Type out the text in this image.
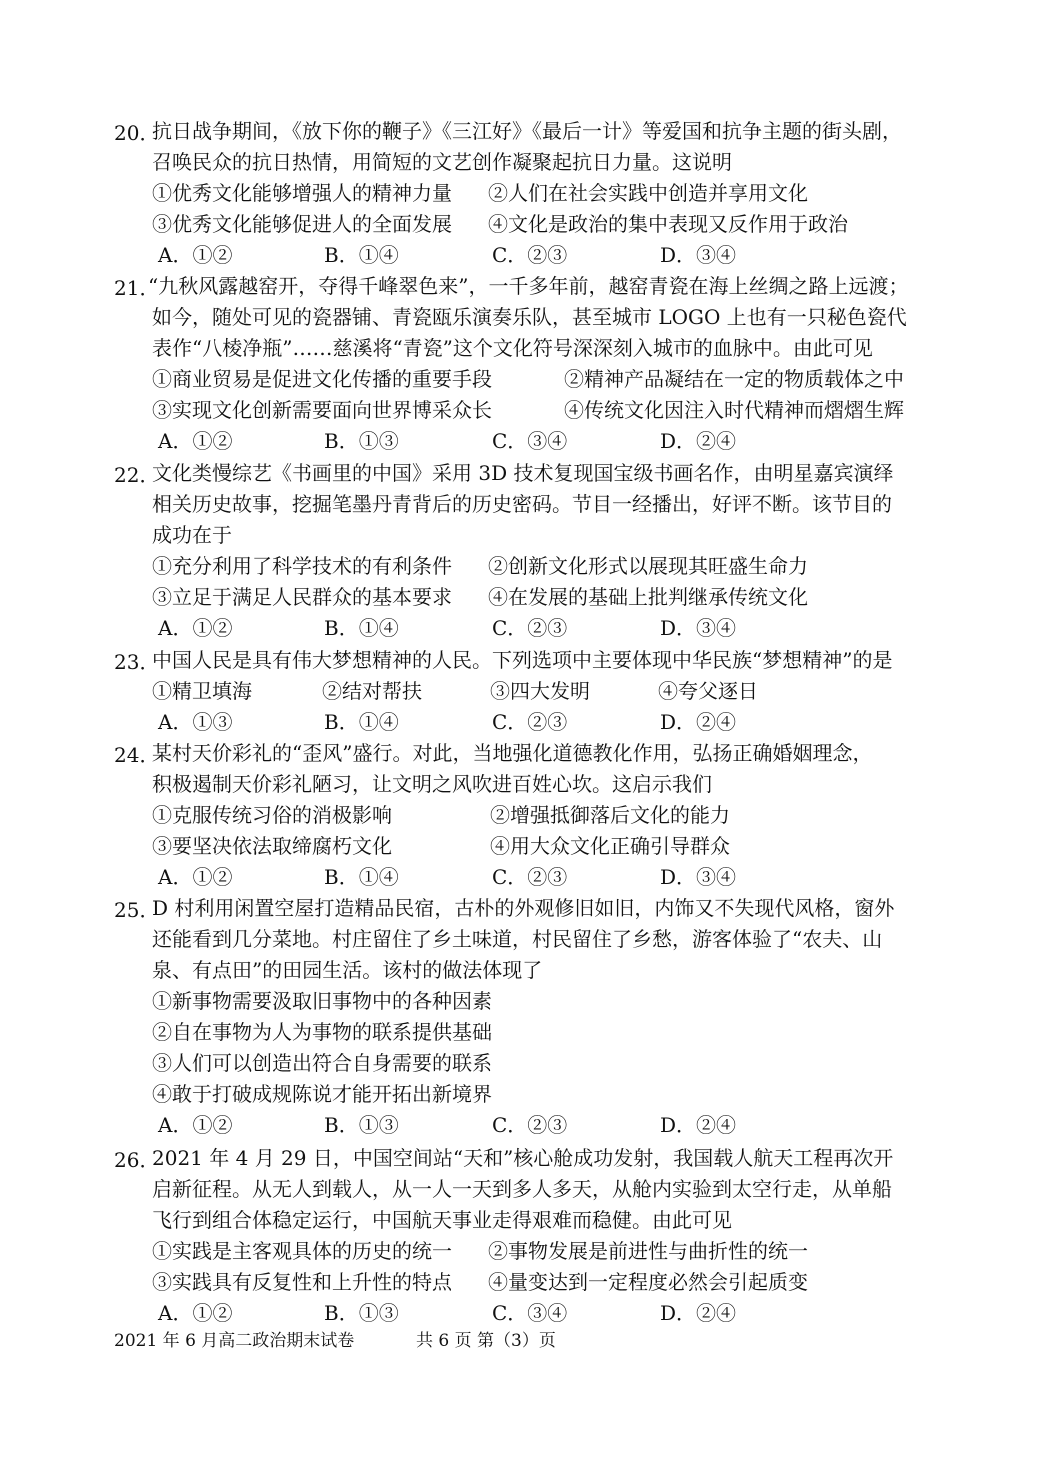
20．
抗日战争期间，《放下你的鞭子》《三江好》《最后一计》等爱国和抗争主题的街头剧，
召唤民众的抗日热情，用简短的文艺创作凝聚起抗日力量。这说明
①优秀文化能够增强人的精神力量 ②人们在社会实践中创造并享用文化
③优秀文化能够促进人的全面发展 ④文化是政治的集中表现又反作用于政治
A．①②	B．①④	C．②③	D．③④
21．
“九秋风露越窑开，夺得千峰翠色来”，一千多年前，越窑青瓷在海上丝绸之路上远渡；
如今，随处可见的瓷器铺、青瓷瓯乐演奏乐队，甚至城市 LOGO 上也有一只秘色瓷代
表作“八棱净瓶”……慈溪将“青瓷”这个文化符号深深刻入城市的血脉中。由此可见
①商业贸易是促进文化传播的重要手段	②精神产品凝结在一定的物质载体之中
③实现文化创新需要面向世界博采众长	④传统文化因注入时代精神而熠熠生辉
A．①②	B．①③	C．③④	D．②④
22．
文化类慢综艺《书画里的中国》采用 3D 技术复现国宝级书画名作，由明星嘉宾演绎
相关历史故事，挖掘笔墨丹青背后的历史密码。节目一经播出，好评不断。该节目的
成功在于
①充分利用了科学技术的有利条件 ②创新文化形式以展现其旺盛生命力
③立足于满足人民群众的基本要求 ④在发展的基础上批判继承传统文化
A．①②	B．①④	C．②③	D．③④
23．
中国人民是具有伟大梦想精神的人民。下列选项中主要体现中华民族“梦想精神”的是
①精卫填海	②结对帮扶	③四大发明	④夸父逐日
A．①③	B．①④	C．②③	D．②④
24．
某村天价彩礼的“歪风”盛行。对此，当地强化道德教化作用，弘扬正确婚姻理念，
积极遏制天价彩礼陋习，让文明之风吹进百姓心坎。这启示我们
①克服传统习俗的消极影响	②增强抵御落后文化的能力
③要坚决依法取缔腐朽文化	④用大众文化正确引导群众
A．①②	B．①④	C．②③	D．③④
25．
D 村利用闲置空屋打造精品民宿，古朴的外观修旧如旧，内饰又不失现代风格，窗外
还能看到几分菜地。村庄留住了乡土味道，村民留住了乡愁，游客体验了“农夫、山
泉、有点田”的田园生活。该村的做法体现了
①新事物需要汲取旧事物中的各种因素
②自在事物为人为事物的联系提供基础
③人们可以创造出符合自身需要的联系
④敢于打破成规陈说才能开拓出新境界
A．①②	B．①③	C．②③	D．②④
26．
2021 年 4 月 29 日，中国空间站“天和”核心舱成功发射，我国载人航天工程再次开
启新征程。从无人到载人，从一人一天到多人多天，从舱内实验到太空行走，从单船
飞行到组合体稳定运行，中国航天事业走得艰难而稳健。由此可见
①实践是主客观具体的历史的统一 ②事物发展是前进性与曲折性的统一
③实践具有反复性和上升性的特点 ④量变达到一定程度必然会引起质变
A．①②	B．①③	C．③④	D．②④
2021 年 6 月高二政治期末试卷	共 6 页 第（3）页
